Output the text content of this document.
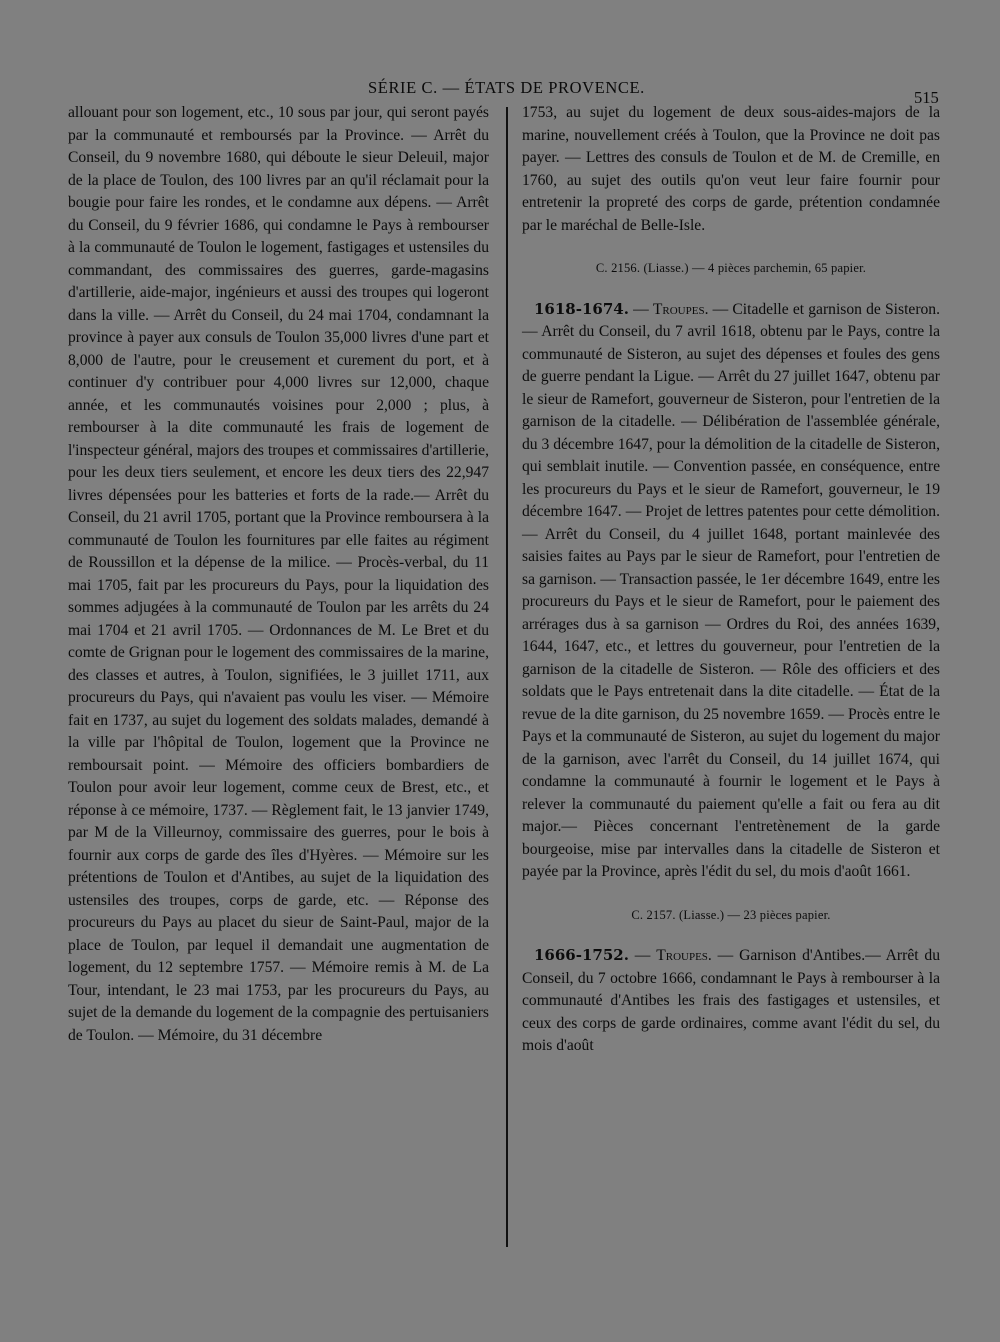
SÉRIE C. — ÉTATS DE PROVENCE.
515

allouant pour son logement, etc., 10 sous par jour, qui seront payés par la communauté et remboursés par la Province. — Arrêt du Conseil, du 9 novembre 1680, qui déboute le sieur Deleuil, major de la place de Toulon, des 100 livres par an qu'il réclamait pour la bougie pour faire les rondes, et le condamne aux dépens. — Arrêt du Conseil, du 9 février 1686, qui condamne le Pays à rembourser à la communauté de Toulon le logement, fastigages et ustensiles du commandant, des commissaires des guerres, garde-magasins d'artillerie, aide-major, ingénieurs et aussi des troupes qui logeront dans la ville. — Arrêt du Conseil, du 24 mai 1704, condamnant la province à payer aux consuls de Toulon 35,000 livres d'une part et 8,000 de l'autre, pour le creusement et curement du port, et à continuer d'y contribuer pour 4,000 livres sur 12,000, chaque année, et les communautés voisines pour 2,000 ; plus, à rembourser à la dite communauté les frais de logement de l'inspecteur général, majors des troupes et commissaires d'artillerie, pour les deux tiers seulement, et encore les deux tiers des 22,947 livres dépensées pour les batteries et forts de la rade.— Arrêt du Conseil, du 21 avril 1705, portant que la Province remboursera à la communauté de Toulon les fournitures par elle faites au régiment de Roussillon et la dépense de la milice. — Procès-verbal, du 11 mai 1705, fait par les procureurs du Pays, pour la liquidation des sommes adjugées à la communauté de Toulon par les arrêts du 24 mai 1704 et 21 avril 1705. — Ordonnances de M. Le Bret et du comte de Grignan pour le logement des commissaires de la marine, des classes et autres, à Toulon, signifiées, le 3 juillet 1711, aux procureurs du Pays, qui n'avaient pas voulu les viser. — Mémoire fait en 1737, au sujet du logement des soldats malades, demandé à la ville par l'hôpital de Toulon, logement que la Province ne remboursait point. — Mémoire des officiers bombardiers de Toulon pour avoir leur logement, comme ceux de Brest, etc., et réponse à ce mémoire, 1737. — Règlement fait, le 13 janvier 1749, par M de la Villeurnoy, commissaire des guerres, pour le bois à fournir aux corps de garde des îles d'Hyères. — Mémoire sur les prétentions de Toulon et d'Antibes, au sujet de la liquidation des ustensiles des troupes, corps de garde, etc. — Réponse des procureurs du Pays au placet du sieur de Saint-Paul, major de la place de Toulon, par lequel il demandait une augmentation de logement, du 12 septembre 1757. — Mémoire remis à M. de La Tour, intendant, le 23 mai 1753, par les procureurs du Pays, au sujet de la demande du logement de la compagnie des pertuisaniers de Toulon. — Mémoire, du 31 décembre

1753, au sujet du logement de deux sous-aides-majors de la marine, nouvellement créés à Toulon, que la Province ne doit pas payer. — Lettres des consuls de Toulon et de M. de Cremille, en 1760, au sujet des outils qu'on veut leur faire fournir pour entretenir la propreté des corps de garde, prétention condamnée par le maréchal de Belle-Isle.

C. 2156. (Liasse.) — 4 pièces parchemin, 65 papier.

1618-1674. — Troupes. — Citadelle et garnison de Sisteron.— Arrêt du Conseil, du 7 avril 1618, obtenu par le Pays, contre la communauté de Sisteron, au sujet des dépenses et foules des gens de guerre pendant la Ligue. — Arrêt du 27 juillet 1647, obtenu par le sieur de Ramefort, gouverneur de Sisteron, pour l'entretien de la garnison de la citadelle. — Délibération de l'assemblée générale, du 3 décembre 1647, pour la démolition de la citadelle de Sisteron, qui semblait inutile. — Convention passée, en conséquence, entre les procureurs du Pays et le sieur de Ramefort, gouverneur, le 19 décembre 1647. — Projet de lettres patentes pour cette démolition. — Arrêt du Conseil, du 4 juillet 1648, portant mainlevée des saisies faites au Pays par le sieur de Ramefort, pour l'entretien de sa garnison. — Transaction passée, le 1er décembre 1649, entre les procureurs du Pays et le sieur de Ramefort, pour le paiement des arrérages dus à sa garnison — Ordres du Roi, des années 1639, 1644, 1647, etc., et lettres du gouverneur, pour l'entretien de la garnison de la citadelle de Sisteron. — Rôle des officiers et des soldats que le Pays entretenait dans la dite citadelle. — État de la revue de la dite garnison, du 25 novembre 1659. — Procès entre le Pays et la communauté de Sisteron, au sujet du logement du major de la garnison, avec l'arrêt du Conseil, du 14 juillet 1674, qui condamne la communauté à fournir le logement et le Pays à relever la communauté du paiement qu'elle a fait ou fera au dit major.— Pièces concernant l'entretènement de la garde bourgeoise, mise par intervalles dans la citadelle de Sisteron et payée par la Province, après l'édit du sel, du mois d'août 1661.

C. 2157. (Liasse.) — 23 pièces papier.

1666-1752. — Troupes. — Garnison d'Antibes.— Arrêt du Conseil, du 7 octobre 1666, condamnant le Pays à rembourser à la communauté d'Antibes les frais des fastigages et ustensiles, et ceux des corps de garde ordinaires, comme avant l'édit du sel, du mois d'août
